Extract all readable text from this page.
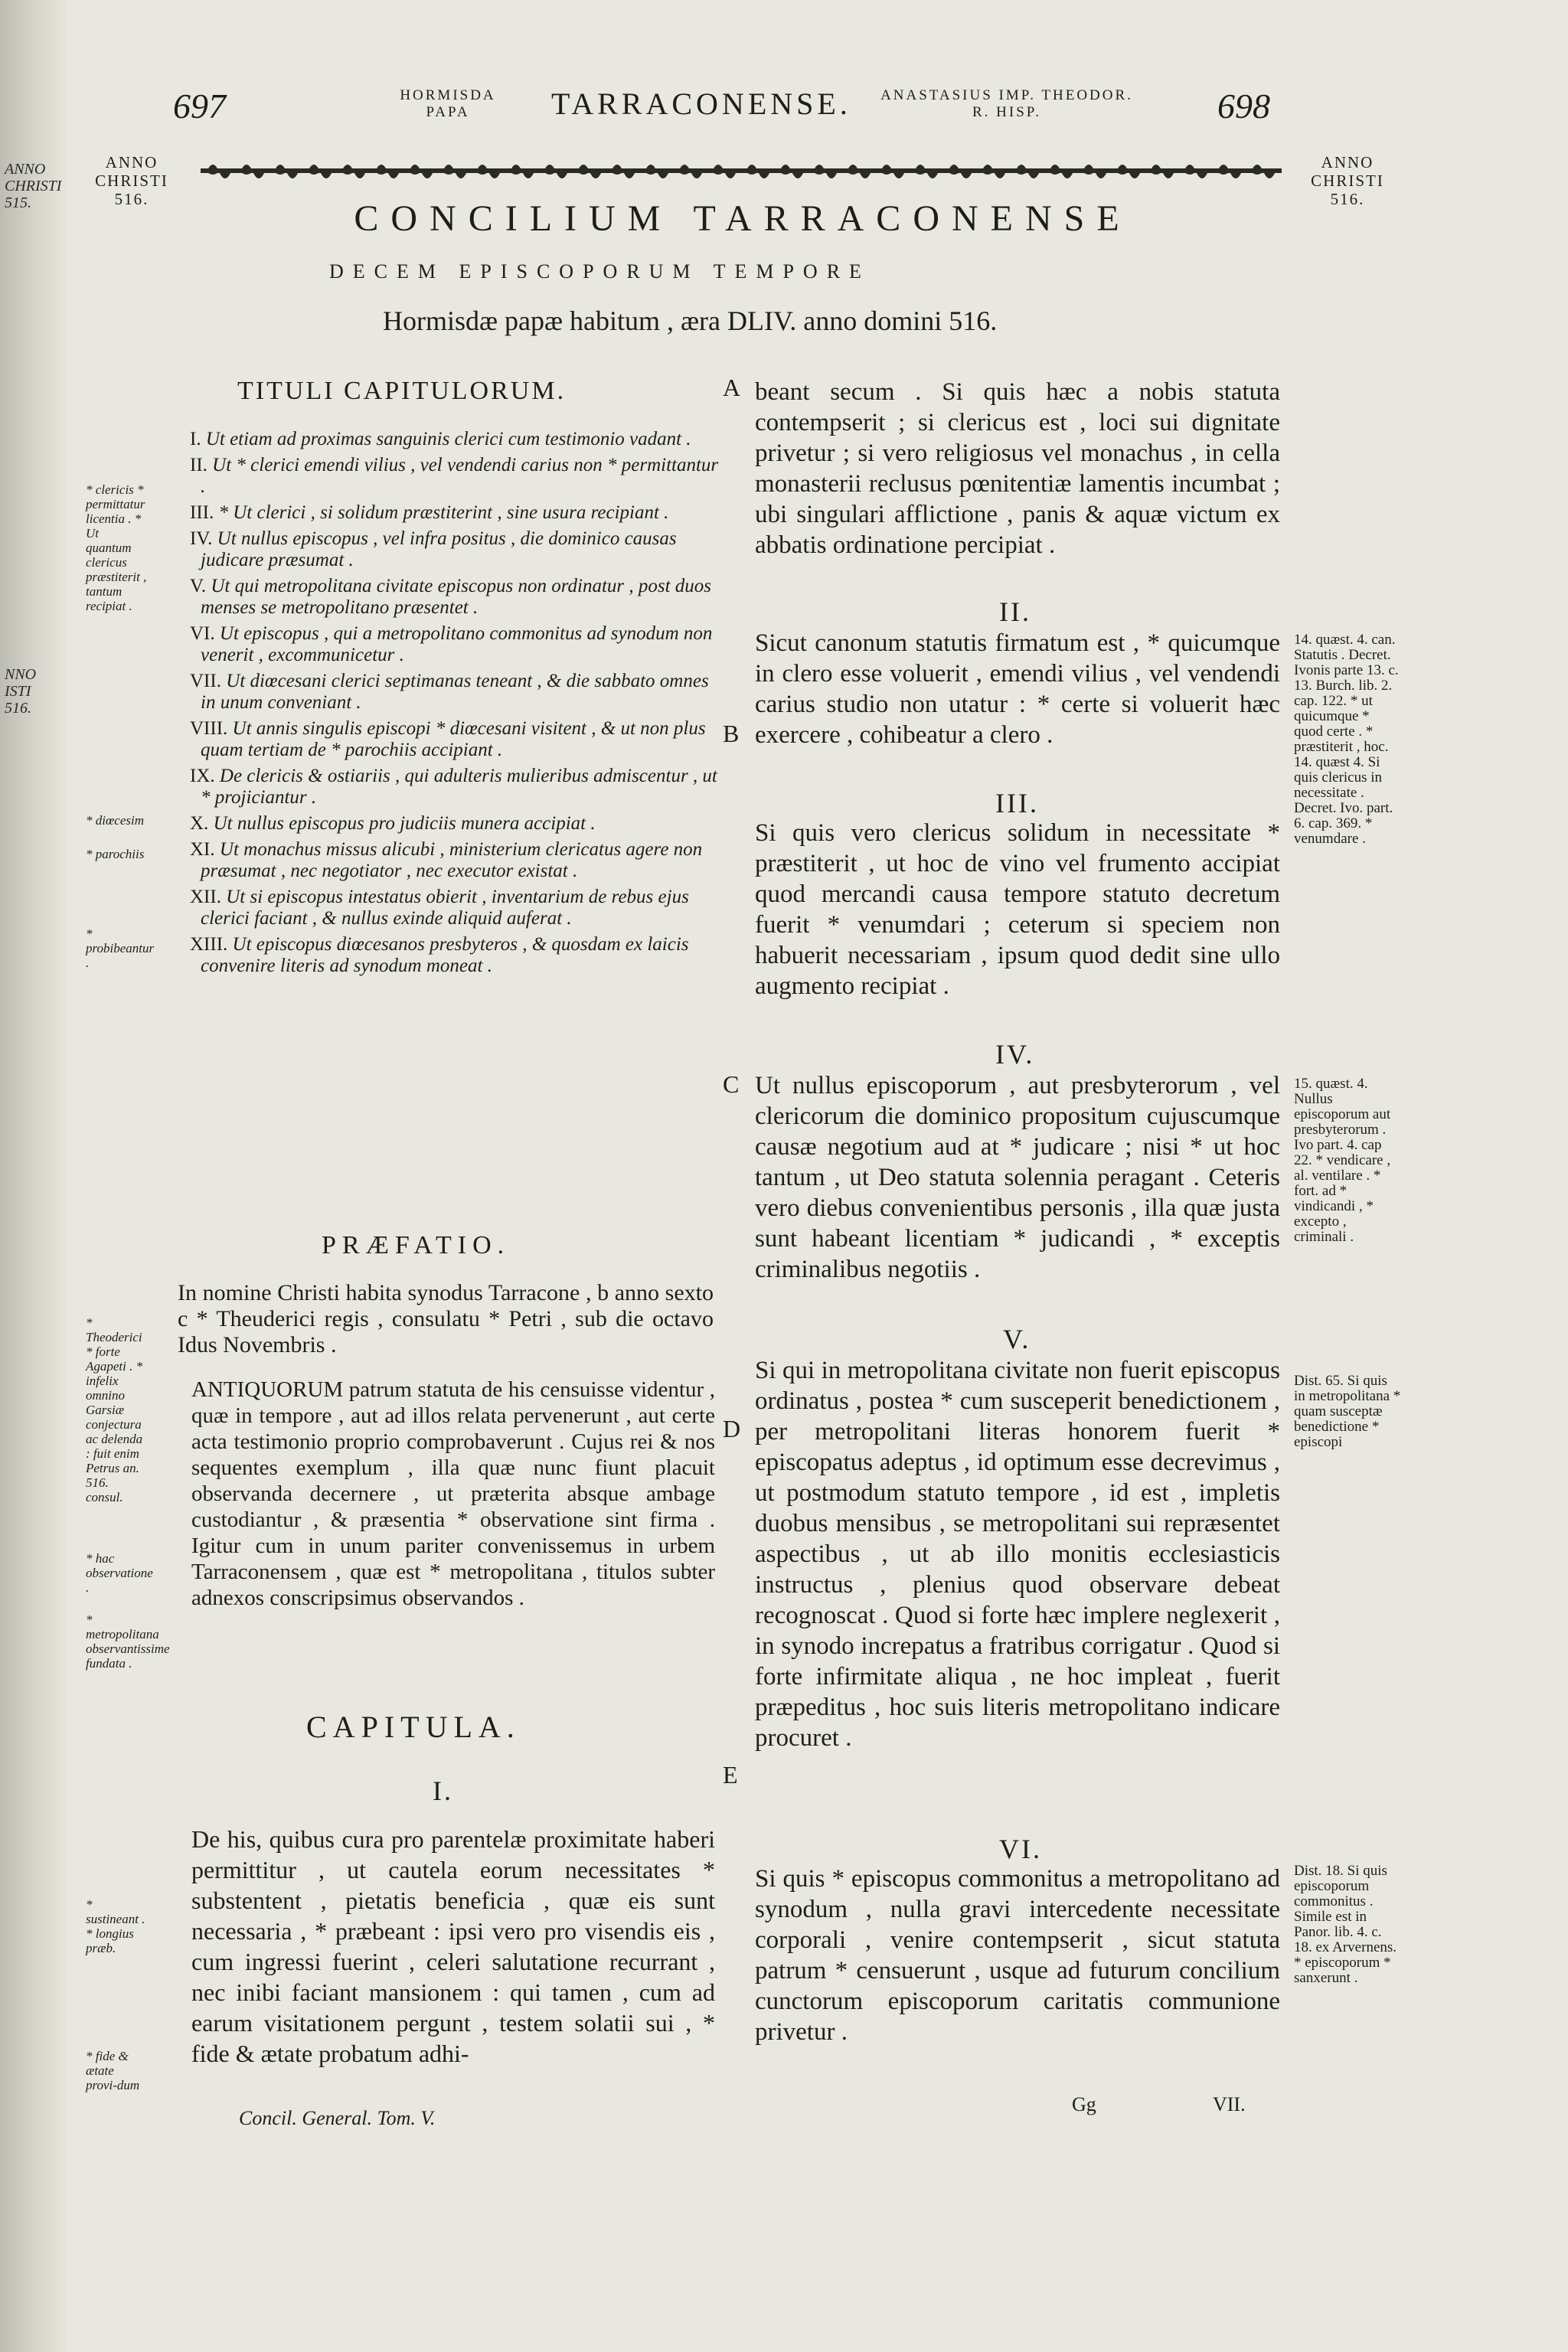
ANNO CHRISTI 515.
NNO ISTI 516.
697	HORMISDA PAPA	TARRACONENSE. ANASTASIUS IMP. THEODOR. R. HISP.	698
ANNO CHRISTI 516.
ANNO CHRISTI 516.
CONCILIUM TARRACONENSE
DECEM EPISCOPORUM TEMPORE
Hormisdæ papæ habitum , æra DLIV. anno domini 516.
TITULI CAPITULORUM.
I. Ut etiam ad proximas sanguinis clerici cum testimonio vadant .
II. Ut * clerici emendi vilius , vel vendendi carius non * permittantur .
III. * Ut clerici , si solidum præstiterint , sine usura recipiant .
IV. Ut nullus episcopus , vel infra positus , die dominico causas judicare præsumat .
V. Ut qui metropolitana civitate episcopus non ordinatur , post duos menses se metropolitano præsentet .
VI. Ut episcopus , qui a metropolitano commonitus ad synodum non venerit , excommunicetur .
VII. Ut diœcesani clerici septimanas teneant , & die sabbato omnes in unum conveniant .
VIII. Ut annis singulis episcopi * diœcesani visitent , & ut non plus quam tertiam de * parochiis accipiant .
IX. De clericis & ostiariis , qui adulteris mulieribus admiscentur , ut * projiciantur .
X. Ut nullus episcopus pro judiciis munera accipiat .
XI. Ut monachus missus alicubi , ministerium clericatus agere non præsumat , nec negotiator , nec executor existat .
XII. Ut si episcopus intestatus obierit , inventarium de rebus ejus clerici faciant , & nullus exinde aliquid auferat .
XIII. Ut episcopus diœcesanos presbyteros , & quosdam ex laicis convenire literis ad synodum moneat .
PRÆFATIO.
In nomine Christi habita synodus Tarracone , b anno sexto c * Theuderici regis , consulatu * Petri , sub die octavo Idus Novembris .
ANTIQUORUM patrum statuta de his censuisse videntur , quæ in tempore , aut ad illos relata pervenerunt , aut certe acta testimonio proprio comprobaverunt . Cujus rei & nos sequentes exemplum , illa quæ nunc fiunt placuit observanda decernere , ut præterita absque ambage custodiantur , & præsentia * observatione sint firma . Igitur cum in unum pariter convenissemus in urbem Tarraconensem , quæ est * metropolitana , titulos subter adnexos conscripsimus observandos .
CAPITULA.
I.
De his, quibus cura pro parentelæ proximitate haberi permittitur , ut cautela eorum necessitates * substentent , pietatis beneficia , quæ eis sunt necessaria , * præbeant : ipsi vero pro visendis eis , cum ingressi fuerint , celeri salutatione recurrant , nec inibi faciant mansionem : qui tamen , cum ad earum visitationem pergunt , testem solatii sui , * fide & ætate probatum adhi-
Concil. General. Tom. V.
* clericis * permittatur licentia . * Ut quantum clericus præstiterit , tantum recipiat .
* diœcesim
* parochiis
* probibeantur .
* Theoderici * forte Agapeti . * infelix omnino Garsiæ conjectura ac delenda : fuit enim Petrus an. 516. consul.
* hac observatione .
* metropolitana observantissime fundata .
* sustineant . * longius præb.
* fide & ætate provi-dum
A
B
C
D
E
beant secum . Si quis hæc a nobis statuta contempserit ; si clericus est , loci sui dignitate privetur ; si vero religiosus vel monachus , in cella monasterii reclusus pœnitentiæ lamentis incumbat ; ubi singulari afflictione , panis & aquæ victum ex abbatis ordinatione percipiat .
II.
Sicut canonum statutis firmatum est , * quicumque in clero esse voluerit , emendi vilius , vel vendendi carius studio non utatur : * certe si voluerit hæc exercere , cohibeatur a clero .
III.
Si quis vero clericus solidum in necessitate * præstiterit , ut hoc de vino vel frumento accipiat quod mercandi causa tempore statuto decretum fuerit * venumdari ; ceterum si speciem non habuerit necessariam , ipsum quod dedit sine ullo augmento recipiat .
IV.
Ut nullus episcoporum , aut presbyterorum , vel clericorum die dominico propositum cujuscumque causæ negotium aud at * judicare ; nisi * ut hoc tantum , ut Deo statuta solennia peragant . Ceteris vero diebus convenientibus personis , illa quæ justa sunt habeant licentiam * judicandi , * exceptis criminalibus negotiis .
V.
Si qui in metropolitana civitate non fuerit episcopus ordinatus , postea * cum susceperit benedictionem , per metropolitani literas honorem fuerit * episcopatus adeptus , id optimum esse decrevimus , ut postmodum statuto tempore , id est , impletis duobus mensibus , se metropolitani sui repræsentet aspectibus , ut ab illo monitis ecclesiasticis instructus , plenius quod observare debeat recognoscat . Quod si forte hæc implere neglexerit , in synodo increpatus a fratribus corrigatur . Quod si forte infirmitate aliqua , ne hoc impleat , fuerit præpeditus , hoc suis literis metropolitano indicare procuret .
VI.
Si quis * episcopus commonitus a metropolitano ad synodum , nulla gravi intercedente necessitate corporali , venire contempserit , sicut statuta patrum * censuerunt , usque ad futurum concilium cunctorum episcoporum caritatis communione privetur .
Gg	VII.
14. quæst. 4. can. Statutis . Decret. Ivonis parte 13. c. 13. Burch. lib. 2. cap. 122. * ut quicumque * quod certe . * præstiterit , hoc. 14. quæst 4. Si quis clericus in necessitate . Decret. Ivo. part. 6. cap. 369. * venumdare .
15. quæst. 4. Nullus episcoporum aut presbyterorum . Ivo part. 4. cap 22. * vendicare , al. ventilare . * fort. ad * vindicandi , * excepto , criminali .
Dist. 65. Si quis in metropolitana * quam susceptæ benedictione * episcopi
Dist. 18. Si quis episcoporum commonitus . Simile est in Panor. lib. 4. c. 18. ex Arvernens. * episcoporum * sanxerunt .
